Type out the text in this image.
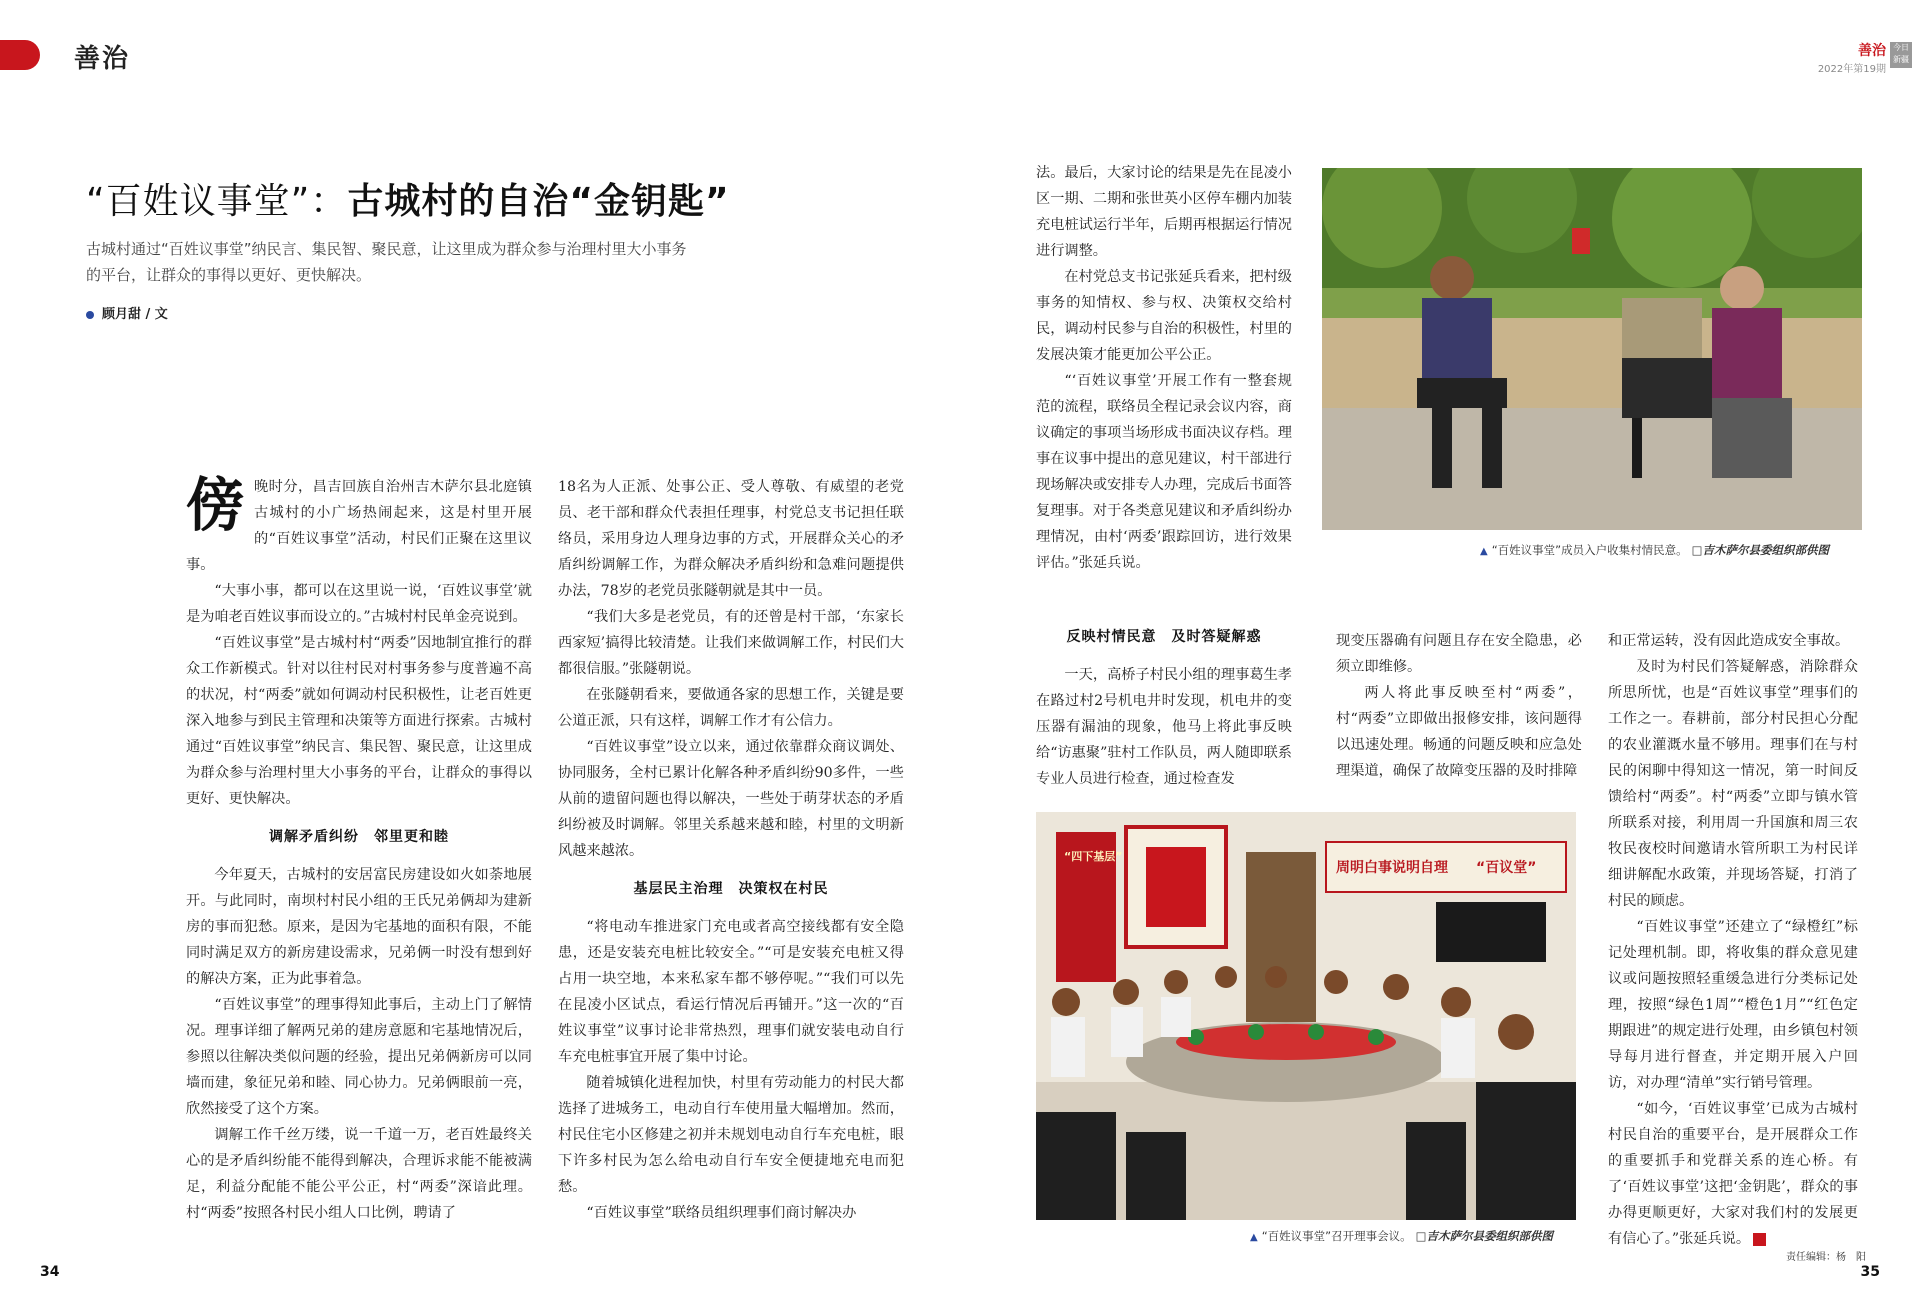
善治	善治
2022年第19期
今日新疆
“百姓议事堂”：古城村的自治“金钥匙”
古城村通过“百姓议事堂”纳民言、集民智、聚民意，让这里成为群众参与治理村里大小事务的平台，让群众的事得以更好、更快解决。
顾月甜 / 文

傍晚时分，昌吉回族自治州吉木萨尔县北庭镇古城村的小广场热闹起来，这是村里开展的“百姓议事堂”活动，村民们正聚在这里议事。

“大事小事，都可以在这里说一说，‘百姓议事堂’就是为咱老百姓议事而设立的。”古城村村民单金亮说到。

“百姓议事堂”是古城村村“两委”因地制宜推行的群众工作新模式。针对以往村民对村事务参与度普遍不高的状况，村“两委”就如何调动村民积极性，让老百姓更深入地参与到民主管理和决策等方面进行探索。古城村通过“百姓议事堂”纳民言、集民智、聚民意，让这里成为群众参与治理村里大小事务的平台，让群众的事得以更好、更快解决。

调解矛盾纠纷　邻里更和睦

今年夏天，古城村的安居富民房建设如火如荼地展开。与此同时，南坝村村民小组的王氏兄弟俩却为建新房的事而犯愁。原来，是因为宅基地的面积有限，不能同时满足双方的新房建设需求，兄弟俩一时没有想到好的解决方案，正为此事着急。

“百姓议事堂”的理事得知此事后，主动上门了解情况。理事详细了解两兄弟的建房意愿和宅基地情况后，参照以往解决类似问题的经验，提出兄弟俩新房可以同墙而建，象征兄弟和睦、同心协力。兄弟俩眼前一亮，欣然接受了这个方案。

调解工作千丝万缕，说一千道一万，老百姓最终关心的是矛盾纠纷能不能得到解决，合理诉求能不能被满足，利益分配能不能公平公正，村“两委”深谙此理。村“两委”按照各村民小组人口比例，聘请了

18名为人正派、处事公正、受人尊敬、有威望的老党员、老干部和群众代表担任理事，村党总支书记担任联络员，采用身边人理身边事的方式，开展群众关心的矛盾纠纷调解工作，为群众解决矛盾纠纷和急难问题提供办法，78岁的老党员张隧朝就是其中一员。

“我们大多是老党员，有的还曾是村干部，‘东家长西家短’搞得比较清楚。让我们来做调解工作，村民们大都很信服。”张隧朝说。

在张隧朝看来，要做通各家的思想工作，关键是要公道正派，只有这样，调解工作才有公信力。

“百姓议事堂”设立以来，通过依靠群众商议调处、协同服务，全村已累计化解各种矛盾纠纷90多件，一些从前的遗留问题也得以解决，一些处于萌芽状态的矛盾纠纷被及时调解。邻里关系越来越和睦，村里的文明新风越来越浓。

基层民主治理　决策权在村民

“将电动车推进家门充电或者高空接线都有安全隐患，还是安装充电桩比较安全。”“可是安装充电桩又得占用一块空地，本来私家车都不够停呢。”“我们可以先在昆凌小区试点，看运行情况后再铺开。”这一次的“百姓议事堂”议事讨论非常热烈，理事们就安装电动自行车充电桩事宜开展了集中讨论。

随着城镇化进程加快，村里有劳动能力的村民大都选择了进城务工，电动自行车使用量大幅增加。然而，村民住宅小区修建之初并未规划电动自行车充电桩，眼下许多村民为怎么给电动自行车安全便捷地充电而犯愁。

“百姓议事堂”联络员组织理事们商讨解决办

法。最后，大家讨论的结果是先在昆凌小区一期、二期和张世英小区停车棚内加装充电桩试运行半年，后期再根据运行情况进行调整。

在村党总支书记张延兵看来，把村级事务的知情权、参与权、决策权交给村民，调动村民参与自治的积极性，村里的发展决策才能更加公平公正。

“‘百姓议事堂’开展工作有一整套规范的流程，联络员全程记录会议内容，商议确定的事项当场形成书面决议存档。理事在议事中提出的意见建议，村干部进行现场解决或安排专人办理，完成后书面答复理事。对于各类意见建议和矛盾纠纷办理情况，由村‘两委’跟踪回访，进行效果评估。”张延兵说。

反映村情民意　及时答疑解惑

一天，高桥子村民小组的理事葛生孝在路过村2号机电井时发现，机电井的变压器有漏油的现象，他马上将此事反映给“访惠聚”驻村工作队员，两人随即联系专业人员进行检查，通过检查发

现变压器确有问题且存在安全隐患，必须立即维修。

两人将此事反映至村“两委”，村“两委”立即做出报修安排，该问题得以迅速处理。畅通的问题反映和应急处理渠道，确保了故障变压器的及时排障

和正常运转，没有因此造成安全事故。

及时为村民们答疑解惑，消除群众所思所忧，也是“百姓议事堂”理事们的工作之一。春耕前，部分村民担心分配的农业灌溉水量不够用。理事们在与村民的闲聊中得知这一情况，第一时间反馈给村“两委”。村“两委”立即与镇水管所联系对接，利用周一升国旗和周三农牧民夜校时间邀请水管所职工为村民详细讲解配水政策，并现场答疑，打消了村民的顾虑。

“百姓议事堂”还建立了“绿橙红”标记处理机制。即，将收集的群众意见建议或问题按照轻重缓急进行分类标记处理，按照“绿色1周”“橙色1月”“红色定期跟进”的规定进行处理，由乡镇包村领导每月进行督查，并定期开展入户回访，对办理“清单”实行销号管理。

“如今，‘百姓议事堂’已成为古城村村民自治的重要平台，是开展群众工作的重要抓手和党群关系的连心桥。有了‘百姓议事堂’这把‘金钥匙’，群众的事办得更顺更好，大家对我们村的发展更有信心了。”张延兵说。

▲ “百姓议事堂”成员入户收集村情民意。 □吉木萨尔县委组织部供图
周明白事说明自理 “百议堂”
“四下基层”
▲ “百姓议事堂”召开理事会议。 □吉木萨尔县委组织部供图
34	35
责任编辑：杨　阳
